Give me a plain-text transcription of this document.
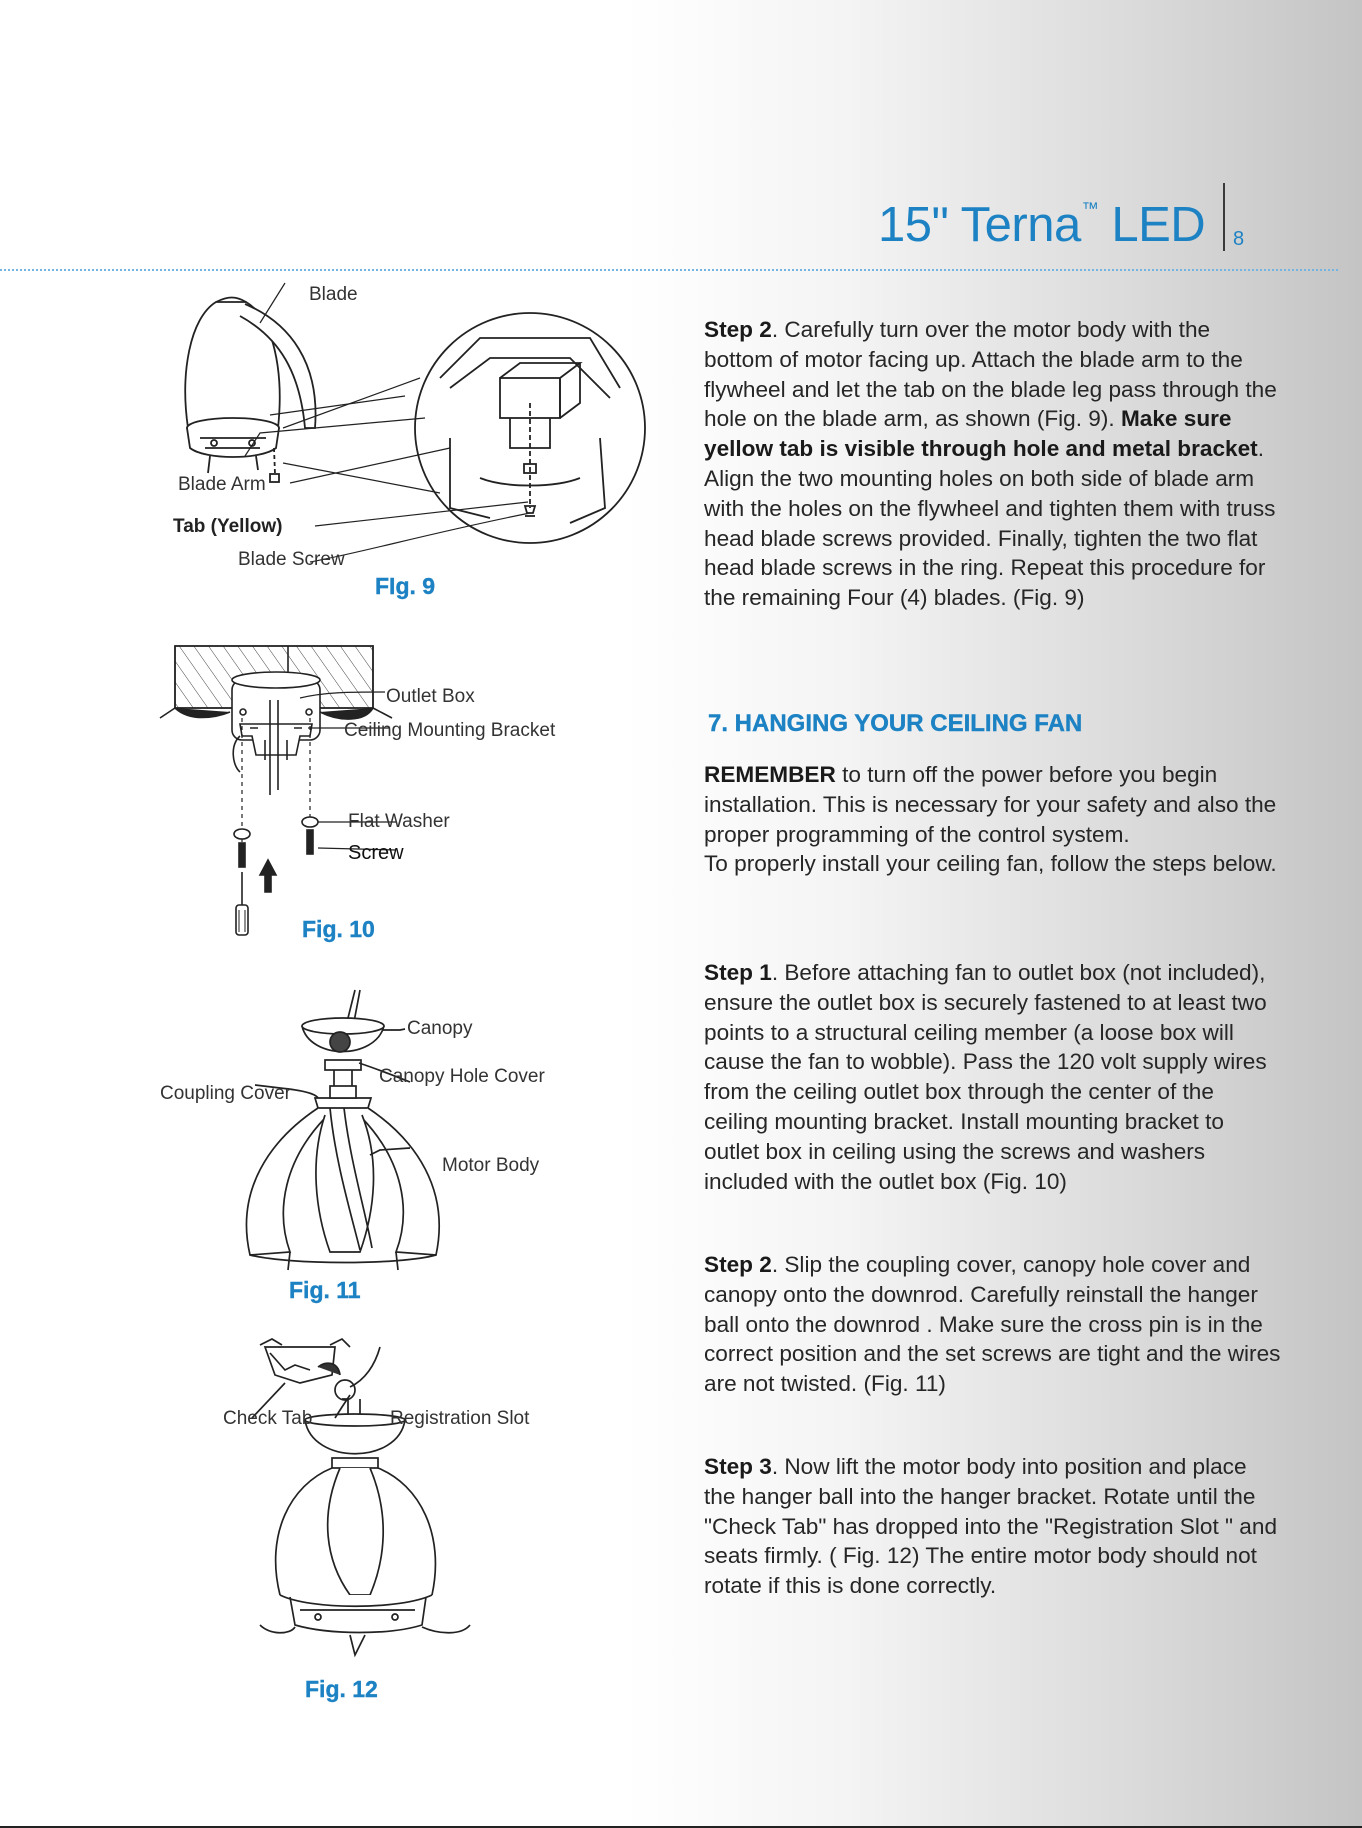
15" Terna™ LED 8
Blade
Blade Arm
Tab (Yellow)
Blade Screw
FIg. 9
Outlet Box
Ceiling Mounting Bracket
Flat Washer
Screw
Fig. 10
Canopy
Canopy Hole Cover
Coupling Cover
Motor Body
Fig. 11
Check Tab	Registration Slot
Fig. 12

Step 2. Carefully turn over the motor body with the bottom of motor facing up. Attach the blade arm to the flywheel and let the tab on the blade leg pass through the hole on the blade arm, as shown (Fig. 9). Make sure yellow tab is visible through hole and metal bracket. Align the two mounting holes on both side of blade arm with the holes on the flywheel and tighten them with truss head blade screws provided. Finally, tighten the two flat head blade screws in the ring. Repeat this procedure for the remaining Four (4) blades. (Fig. 9)

7. HANGING YOUR CEILING FAN

REMEMBER to turn off the power before you begin installation. This is necessary for your safety and also the proper programming of the control system.

To properly install your ceiling fan, follow the steps below.

Step 1. Before attaching fan to outlet box (not included), ensure the outlet box is securely fastened to at least two points to a structural ceiling member (a loose box will cause the fan to wobble). Pass the 120 volt supply wires from the ceiling outlet box through the center of the ceiling mounting bracket. Install mounting bracket to outlet box in ceiling using the screws and washers included with the outlet box (Fig. 10)

Step 2. Slip the coupling cover, canopy hole cover and canopy onto the downrod. Carefully reinstall the hanger ball onto the downrod . Make sure the cross pin is in the correct position and the set screws are tight and the wires are not twisted. (Fig. 11)

Step 3. Now lift the motor body into position and place the hanger ball into the hanger bracket. Rotate until the "Check Tab" has dropped into the "Registration Slot " and seats firmly. ( Fig. 12) The entire motor body should not rotate if this is done correctly.
